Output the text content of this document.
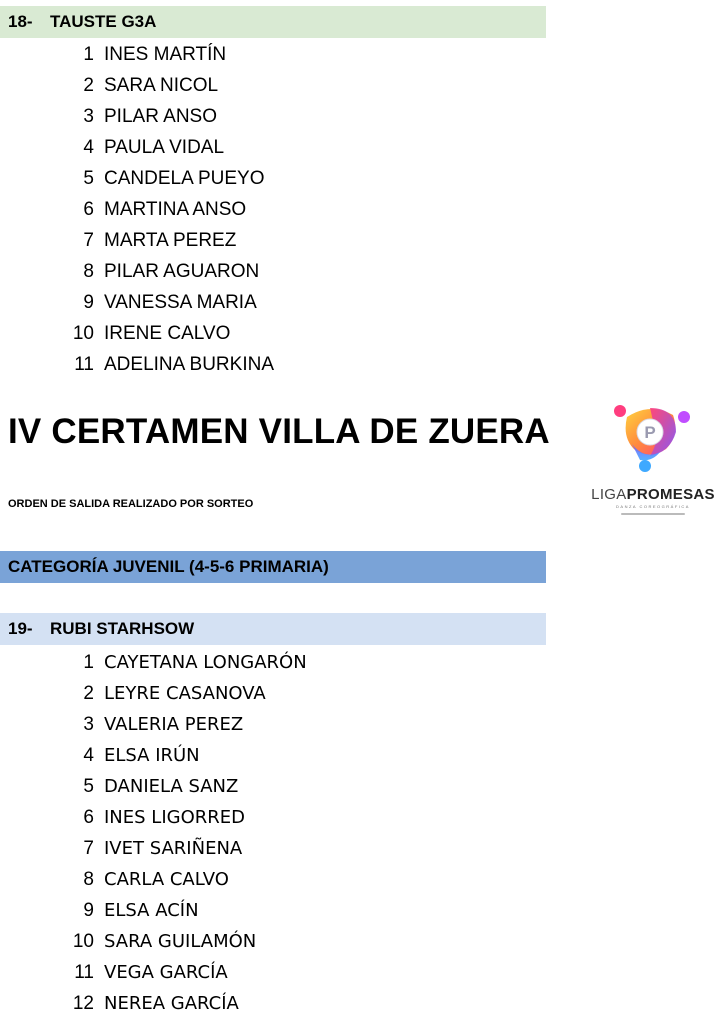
18- TAUSTE G3A
1 INES MARTÍN
2 SARA NICOL
3 PILAR ANSO
4 PAULA VIDAL
5 CANDELA PUEYO
6 MARTINA ANSO
7 MARTA PEREZ
8 PILAR AGUARON
9 VANESSA MARIA
10 IRENE CALVO
11 ADELINA BURKINA
IV CERTAMEN VILLA DE ZUERA

ORDEN DE SALIDA REALIZADO POR SORTEO

P
LIGAPROMESAS
DANZA COREOGRÁFICA
CATEGORÍA JUVENIL (4-5-6 PRIMARIA)
19- RUBI STARHSOW
1 CAYETANA LONGARÓN
2 LEYRE CASANOVA
3 VALERIA PEREZ
4 ELSA IRÚN
5 DANIELA SANZ
6 INES LIGORRED
7 IVET SARIÑENA
8 CARLA CALVO
9 ELSA ACÍN
10 SARA GUILAMÓN
11 VEGA GARCÍA
12 NEREA GARCÍA
